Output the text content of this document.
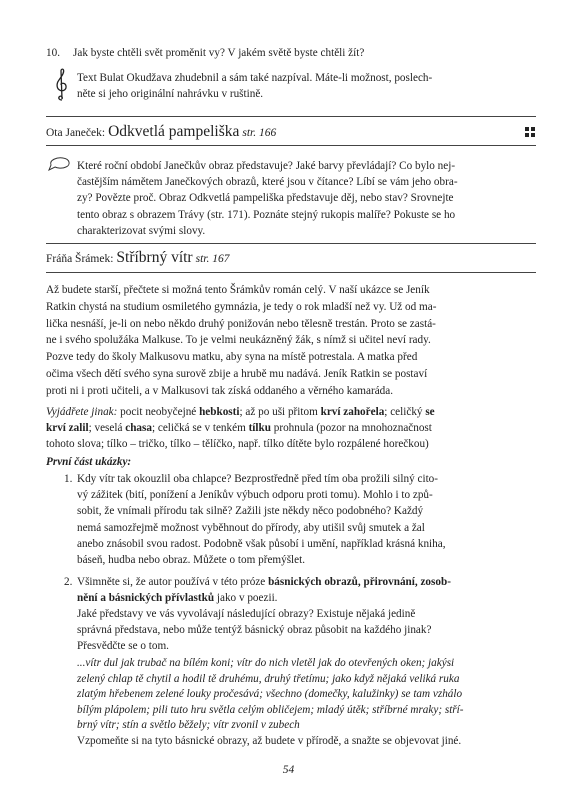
10. Jak byste chtěli svět proměnit vy? V jakém světě byste chtěli žít?
Text Bulat Okudžava zhudebnil a sám také nazpíval. Máte-li možnost, poslech-
něte si jeho originální nahrávku v ruštině.
Ota Janeček: Odkvetlá pampeliška str. 166
Které roční období Janečkův obraz představuje? Jaké barvy převládají? Co bylo nej-
častějším námětem Janečkových obrazů, které jsou v čítance? Líbí se vám jeho obra-
zy? Povězte proč. Obraz Odkvetlá pampeliška představuje děj, nebo stav? Srovnejte
tento obraz s obrazem Trávy (str. 171). Poznáte stejný rukopis malíře? Pokuste se ho
charakterizovat svými slovy.
Fráňa Šrámek: Stříbrný vítr str. 167
Až budete starší, přečtete si možná tento Šrámkův román celý. V naší ukázce se Jeník
Ratkin chystá na studium osmiletého gymnázia, je tedy o rok mladší než vy. Už od ma-
lička nesnáší, je-li on nebo někdo druhý ponižován nebo tělesně trestán. Proto se zastá-
ne i svého spolužáka Malkuse. To je velmi neukázněný žák, s nímž si učitel neví rady.
Pozve tedy do školy Malkusovu matku, aby syna na místě potrestala. A matka před
očima všech dětí svého syna surově zbije a hrubě mu nadává. Jeník Ratkin se postaví
proti ni i proti učiteli, a v Malkusovi tak získá oddaného a věrného kamaráda.
Vyjádřete jinak: pocit neobyčejné hebkosti; až po uši přitom krví zahořela; celičký se
krví zalil; veselá chasa; celičká se v tenkém tílku prohnula (pozor na mnohoznačnost
tohoto slova; tílko – tričko, tílko – tělíčko, např. tílko dítěte bylo rozpálené horečkou)
První část ukázky:
1. Kdy vítr tak okouzlil oba chlapce? Bezprostředně před tím oba prožili silný cito-
vý zážitek (bití, ponížení a Jeníkův výbuch odporu proti tomu). Mohlo i to způ-
sobit, že vnímali přírodu tak silně? Zažili jste někdy něco podobného? Každý
nemá samozřejmě možnost vyběhnout do přírody, aby utišil svůj smutek a žal
anebo znásobil svou radost. Podobně však působí i umění, například krásná kniha,
báseň, hudba nebo obraz. Můžete o tom přemýšlet.
2. Všimněte si, že autor používá v této próze básnických obrazů, přirovnání, zosob-
nění a básnických přívlastků jako v poezii.
Jaké představy ve vás vyvolávají následující obrazy? Existuje nějaká jedině
správná představa, nebo může tentýž básnický obraz působit na každého jinak?
Přesvědčte se o tom.
...vítr dul jak trubač na bílém koni; vítr do nich vletěl jak do otevřených oken; jakýsi
zelený chlap tě chytil a hodil tě druhému, druhý třetímu; jako když nějaká veliká ruka
zlatým hřebenem zelené louky pročesává; všechno (domečky, kalužinky) se tam vzhálo
bílým plápolem; pili tuto hru světla celým obličejem; mladý útěk; stříbrné mraky; stří-
brný vítr; stín a světlo běžely; vítr zvonil v zubech
Vzpomeňte si na tyto básnické obrazy, až budete v přírodě, a snažte se objevovat jiné.
54
